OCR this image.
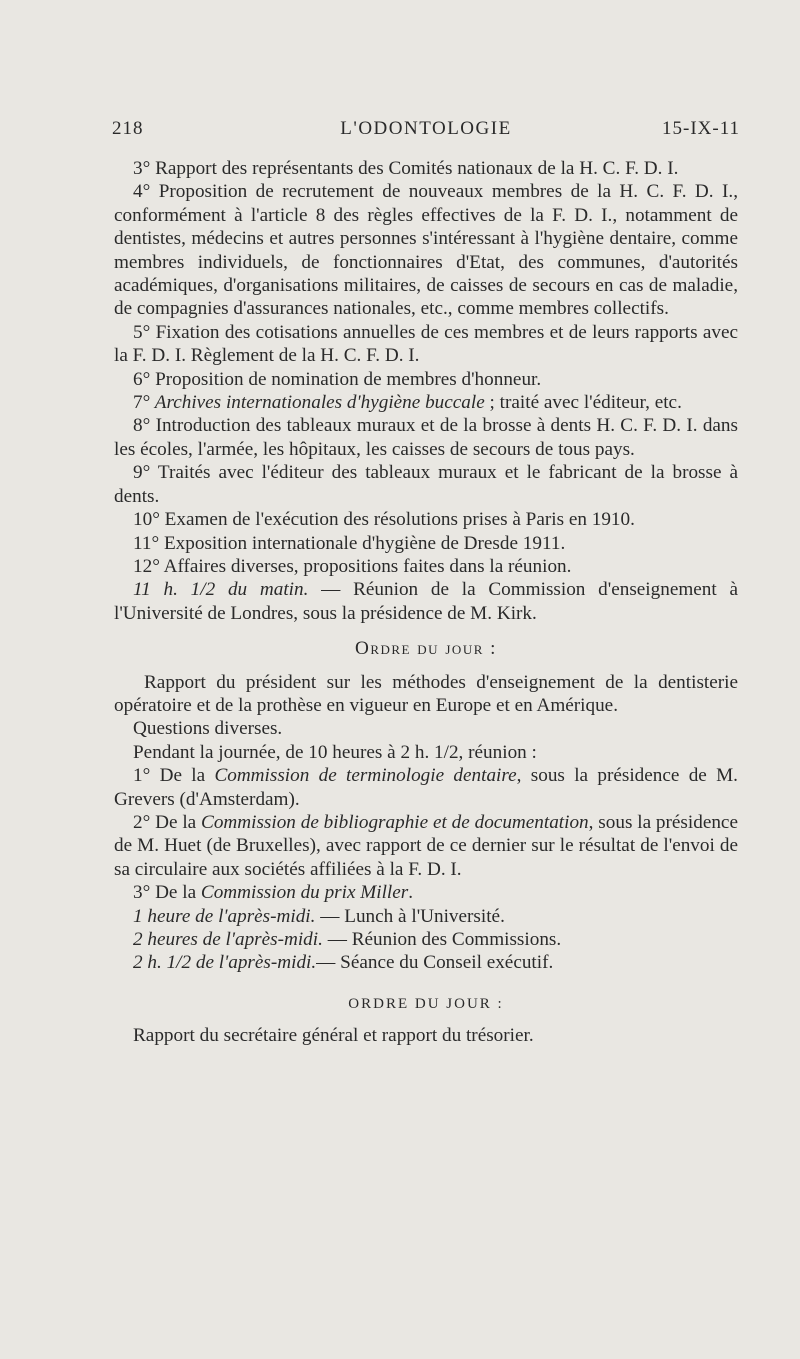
218	L'ODONTOLOGIE	15-IX-11

3° Rapport des représentants des Comités nationaux de la H. C. F. D. I.

4° Proposition de recrutement de nouveaux membres de la H. C. F. D. I., conformément à l'article 8 des règles effectives de la F. D. I., notamment de dentistes, médecins et autres personnes s'intéressant à l'hygiène dentaire, comme membres individuels, de fonctionnaires d'Etat, des communes, d'autorités académiques, d'organisations militaires, de caisses de secours en cas de maladie, de compagnies d'assurances nationales, etc., comme membres collectifs.

5° Fixation des cotisations annuelles de ces membres et de leurs rapports avec la F. D. I. Règlement de la H. C. F. D. I.

6° Proposition de nomination de membres d'honneur.

7° Archives internationales d'hygiène buccale ; traité avec l'éditeur, etc.

8° Introduction des tableaux muraux et de la brosse à dents H. C. F. D. I. dans les écoles, l'armée, les hôpitaux, les caisses de secours de tous pays.

9° Traités avec l'éditeur des tableaux muraux et le fabricant de la brosse à dents.

10° Examen de l'exécution des résolutions prises à Paris en 1910.

11° Exposition internationale d'hygiène de Dresde 1911.

12° Affaires diverses, propositions faites dans la réunion.

11 h. 1/2 du matin. — Réunion de la Commission d'enseignement à l'Université de Londres, sous la présidence de M. Kirk.

Ordre du jour :

Rapport du président sur les méthodes d'enseignement de la dentisterie opératoire et de la prothèse en vigueur en Europe et en Amérique.

Questions diverses.

Pendant la journée, de 10 heures à 2 h. 1/2, réunion :

1° De la Commission de terminologie dentaire, sous la présidence de M. Grevers (d'Amsterdam).

2° De la Commission de bibliographie et de documentation, sous la présidence de M. Huet (de Bruxelles), avec rapport de ce dernier sur le résultat de l'envoi de sa circulaire aux sociétés affiliées à la F. D. I.

3° De la Commission du prix Miller.

1 heure de l'après-midi. — Lunch à l'Université.

2 heures de l'après-midi. — Réunion des Commissions.

2 h. 1/2 de l'après-midi.— Séance du Conseil exécutif.

ORDRE DU JOUR :

Rapport du secrétaire général et rapport du trésorier.
